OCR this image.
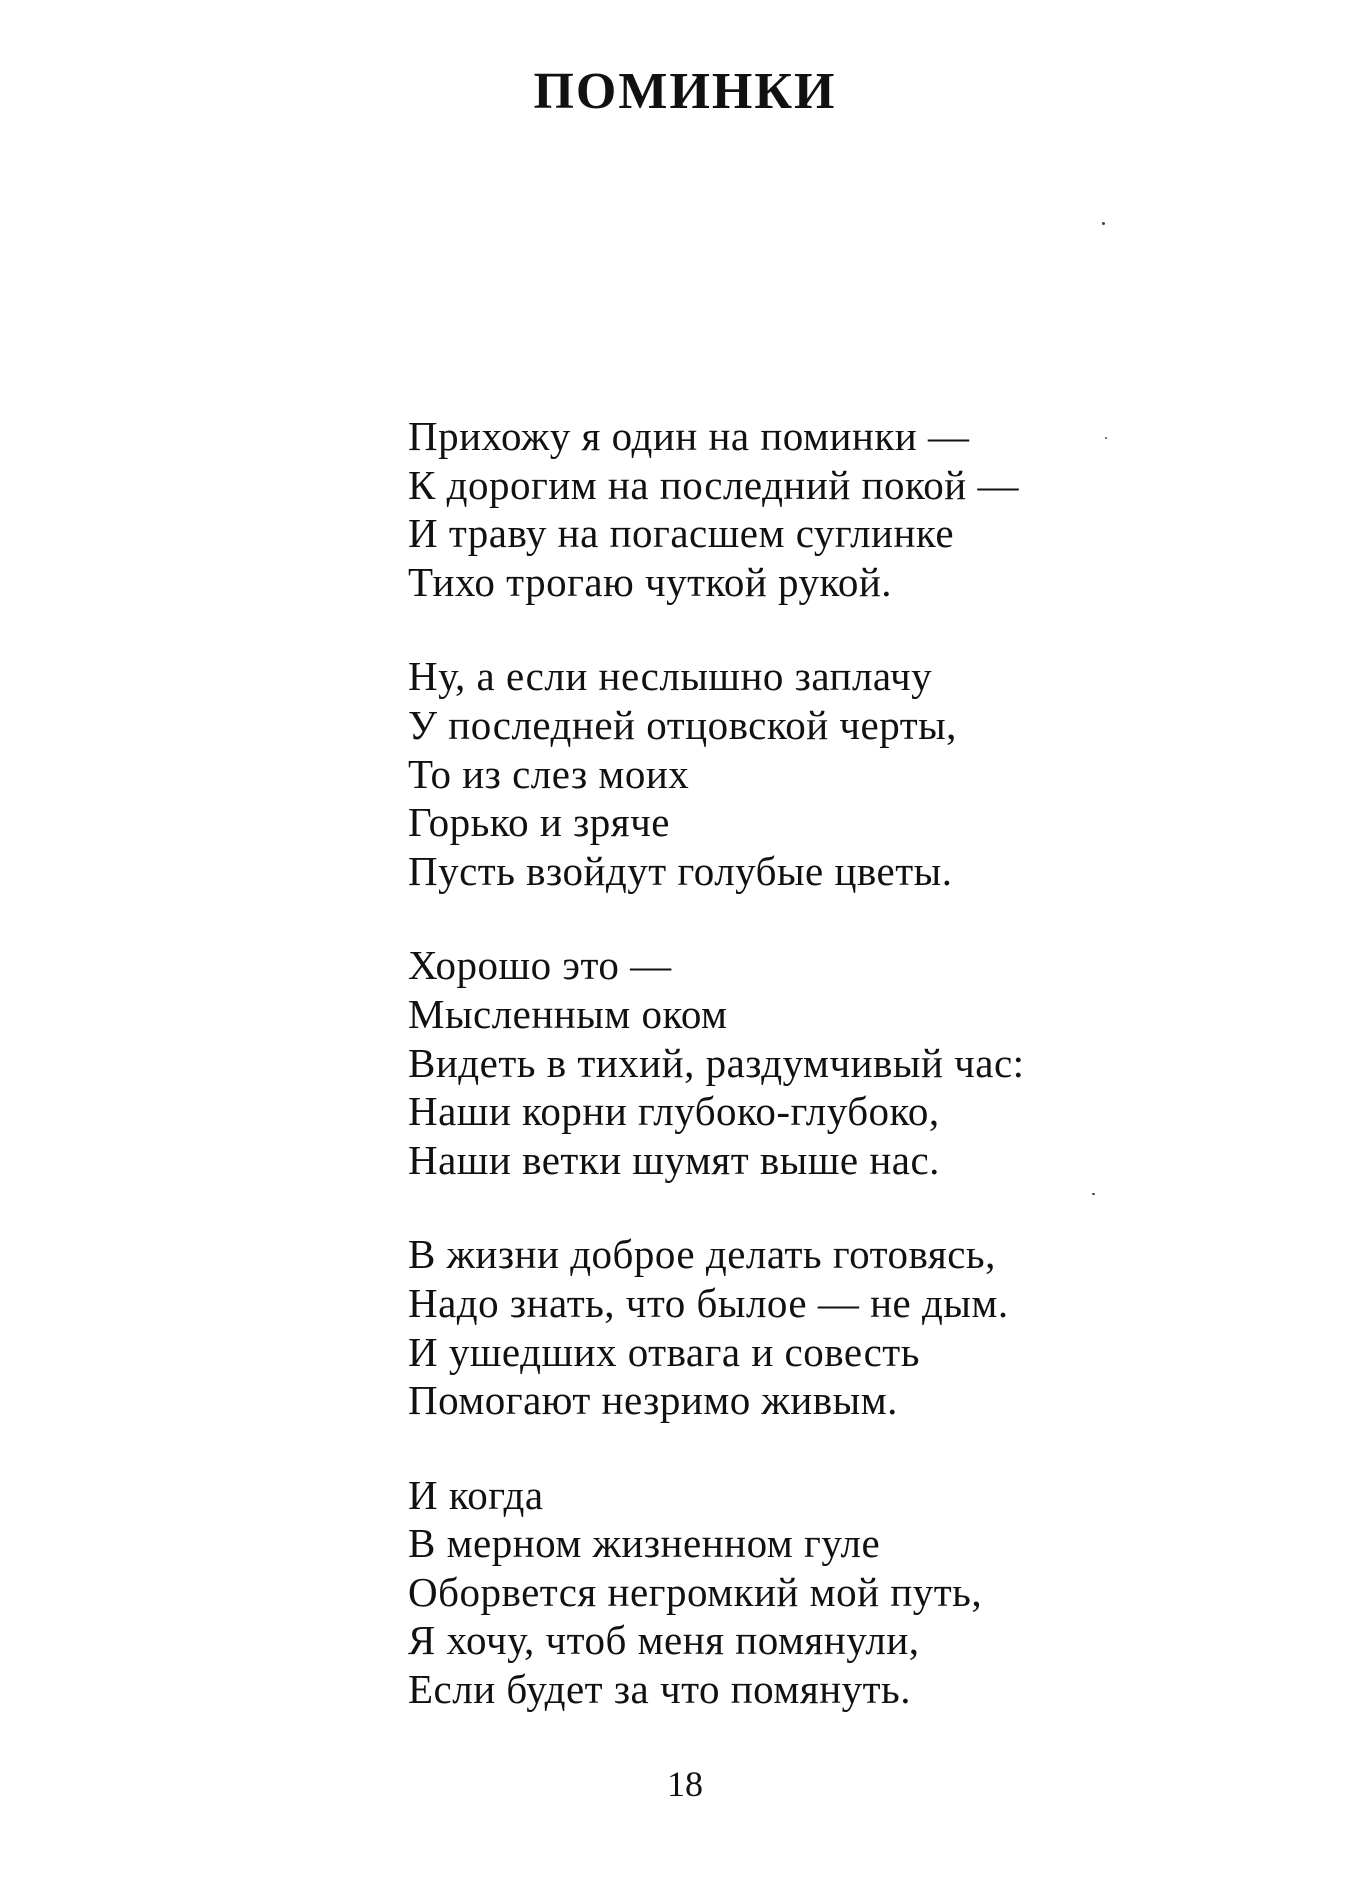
ПОМИНКИ
Прихожу я один на поминки —
К дорогим на последний покой —
И траву на погасшем суглинке
Тихо трогаю чуткой рукой.
Ну, а если неслышно заплачу
У последней отцовской черты,
То из слез моих
Горько и зряче
Пусть взойдут голубые цветы.
Хорошо это —
Мысленным оком
Видеть в тихий, раздумчивый час:
Наши корни глубоко-глубоко,
Наши ветки шумят выше нас.
В жизни доброе делать готовясь,
Надо знать, что былое — не дым.
И ушедших отвага и совесть
Помогают незримо живым.
И когда
В мерном жизненном гуле
Оборвется негромкий мой путь,
Я хочу, чтоб меня помянули,
Если будет за что помянуть.
18
